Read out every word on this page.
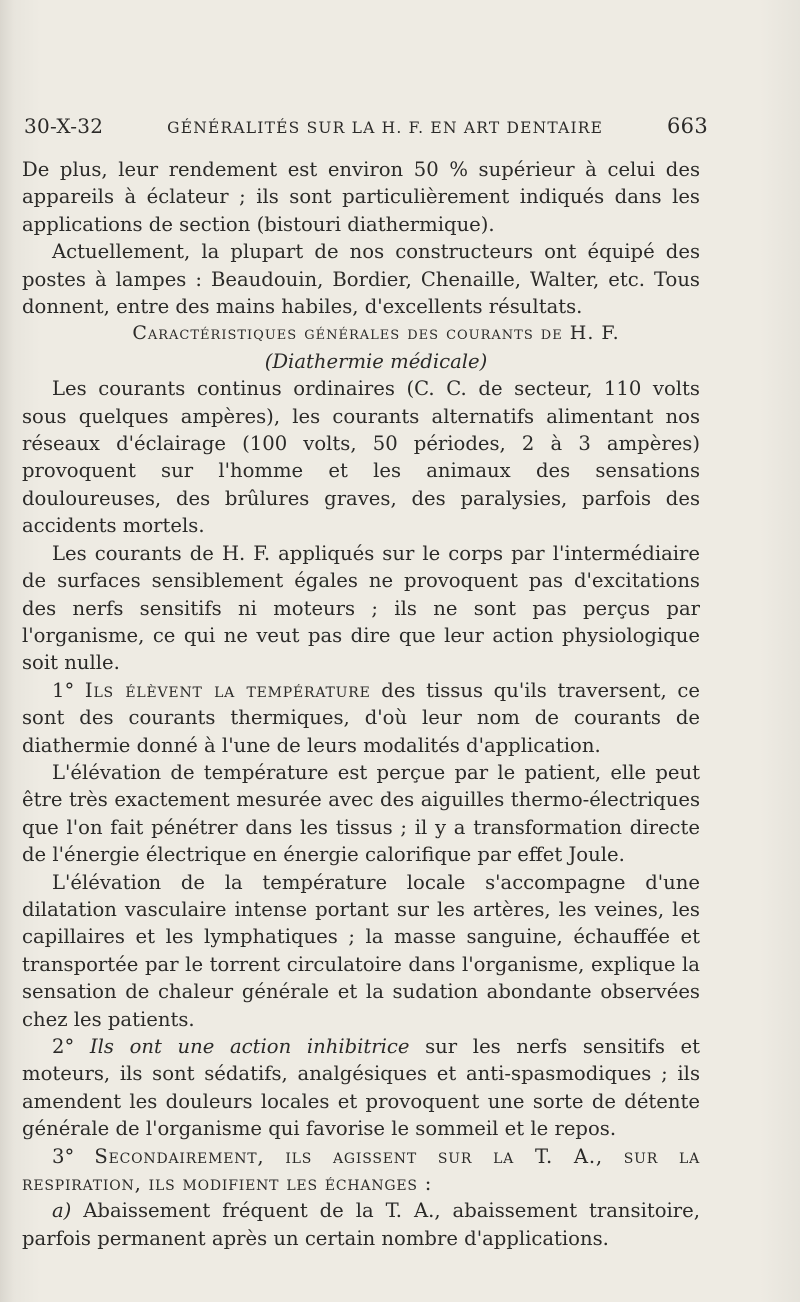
30-X-32	GÉNÉRALITÉS SUR LA H. F. EN ART DENTAIRE	663

De plus, leur rendement est environ 50 % supérieur à celui des appareils à éclateur ; ils sont particulièrement indiqués dans les applications de section (bistouri diathermique).

Actuellement, la plupart de nos constructeurs ont équipé des postes à lampes : Beaudouin, Bordier, Chenaille, Walter, etc. Tous donnent, entre des mains habiles, d'excellents résultats.

Caractéristiques générales des courants de H. F.

(Diathermie médicale)

Les courants continus ordinaires (C. C. de secteur, 110 volts sous quelques ampères), les courants alternatifs alimentant nos réseaux d'éclairage (100 volts, 50 périodes, 2 à 3 ampères) provoquent sur l'homme et les animaux des sensations douloureuses, des brûlures graves, des paralysies, parfois des accidents mortels.

Les courants de H. F. appliqués sur le corps par l'intermédiaire de surfaces sensiblement égales ne provoquent pas d'excitations des nerfs sensitifs ni moteurs ; ils ne sont pas perçus par l'organisme, ce qui ne veut pas dire que leur action physiologique soit nulle.

1° Ils élèvent la température des tissus qu'ils traversent, ce sont des courants thermiques, d'où leur nom de courants de diathermie donné à l'une de leurs modalités d'application.

L'élévation de température est perçue par le patient, elle peut être très exactement mesurée avec des aiguilles thermo-électriques que l'on fait pénétrer dans les tissus ; il y a transformation directe de l'énergie électrique en énergie calorifique par effet Joule.

L'élévation de la température locale s'accompagne d'une dilatation vasculaire intense portant sur les artères, les veines, les capillaires et les lymphatiques ; la masse sanguine, échauffée et transportée par le torrent circulatoire dans l'organisme, explique la sensation de chaleur générale et la sudation abondante observées chez les patients.

2° Ils ont une action inhibitrice sur les nerfs sensitifs et moteurs, ils sont sédatifs, analgésiques et anti-spasmodiques ; ils amendent les douleurs locales et provoquent une sorte de détente générale de l'organisme qui favorise le sommeil et le repos.

3° Secondairement, ils agissent sur la T. A., sur la respiration, ils modifient les échanges :

a) Abaissement fréquent de la T. A., abaissement transitoire, parfois permanent après un certain nombre d'applications.
